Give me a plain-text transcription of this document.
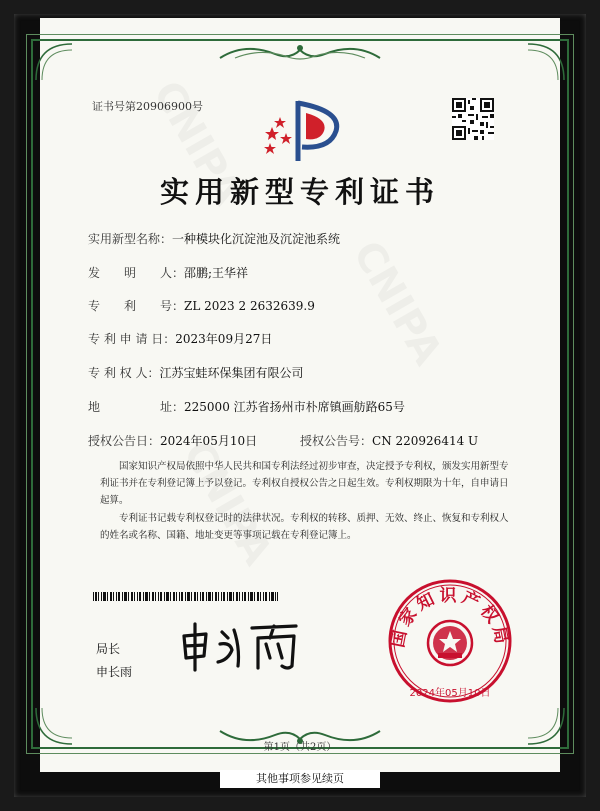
证书号第20906900号
实用新型专利证书
实用新型名称：一种模块化沉淀池及沉淀池系统
发　　明　　人：邵鹏;王华祥
专　　利　　号：ZL 2023 2 2632639.9
专 利 申 请 日：2023年09月27日
专 利 权 人：江苏宝蛙环保集团有限公司
地　　　　　址：225000 江苏省扬州市朴席镇画舫路65号
授权公告日：2024年05月10日	授权公告号：CN 220926414 U
国家知识产权局依照中华人民共和国专利法经过初步审查，决定授予专利权，颁发实用新型专利证书并在专利登记簿上予以登记。专利权自授权公告之日起生效。专利权期限为十年，自申请日起算。
专利证书记载专利权登记时的法律状况。专利权的转移、质押、无效、终止、恢复和专利权人的姓名或名称、国籍、地址变更等事项记载在专利登记簿上。
局长
申长雨
国家知识产权局
2024年05月10日
第1页（共2页）
其他事项参见续页
